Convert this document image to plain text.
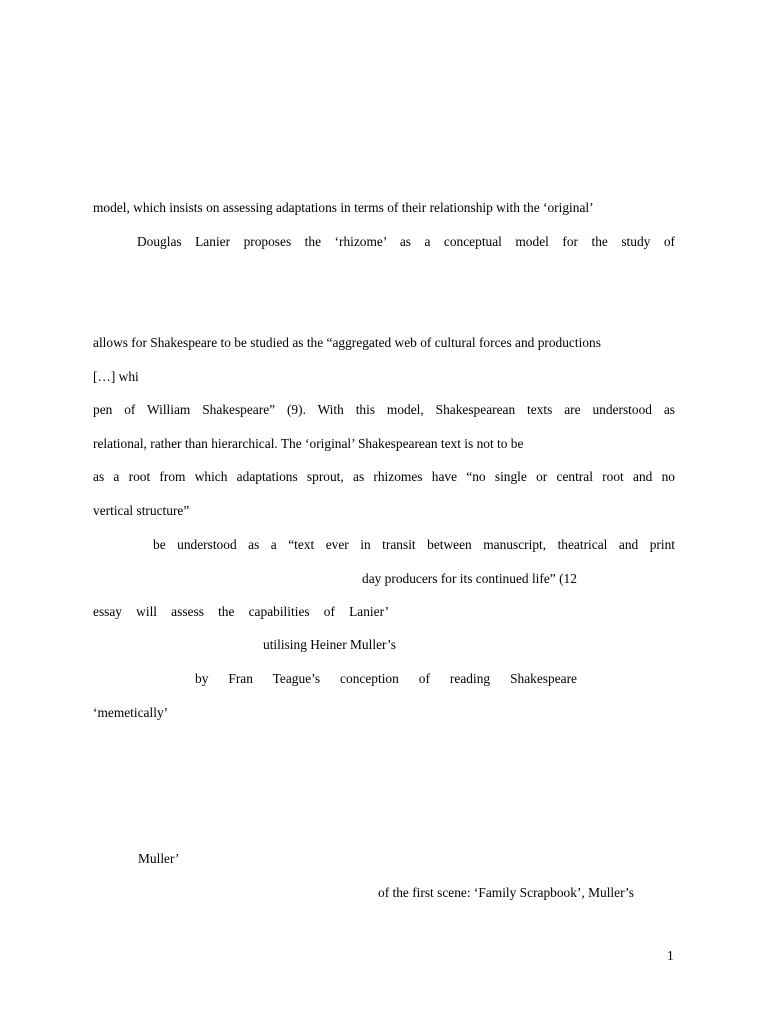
model, which insists on assessing adaptations in terms of their relationship with the ‘original’
Douglas Lanier proposes the ‘rhizome’ as a conceptual model for the study of
allows for Shakespeare to be studied as the “aggregated web of cultural forces and productions
[…] whi
pen of William Shakespeare” (9). With this model, Shakespearean texts are understood as
relational, rather than hierarchical. The ‘original’ Shakespearean text is not to be
as a root from which adaptations sprout, as rhizomes have “no single or central root and no
vertical structure”
be understood as a “text ever in transit between manuscript, theatrical and print
day producers for its continued life” (12
essay will assess the capabilities of Lanier’
utilising Heiner Muller’s
by Fran Teague’s conception of reading Shakespeare
‘memetically’
Muller’
of the first scene: ‘Family Scrapbook’, Muller’s
1
